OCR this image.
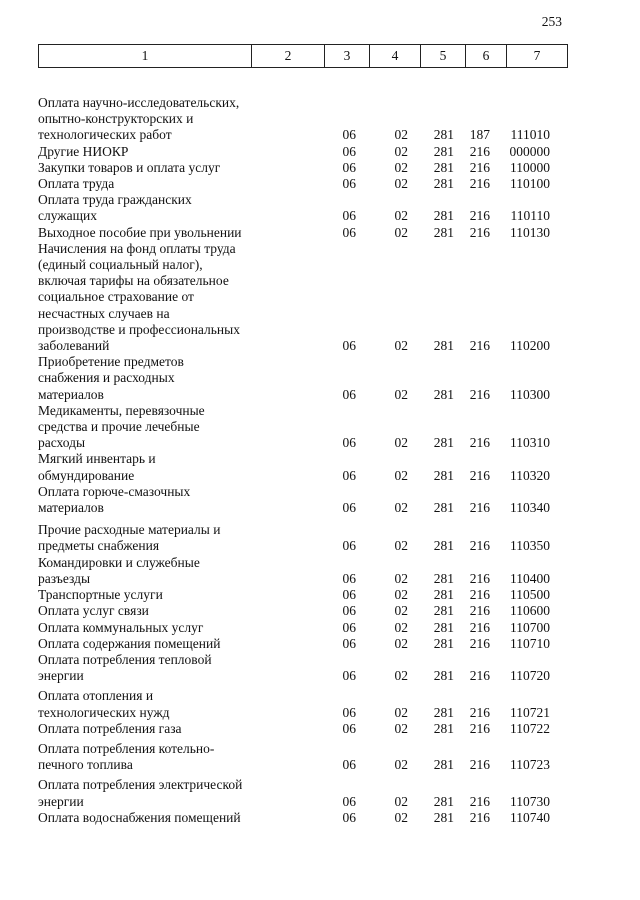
253
1	2	3	4	5	6	7
Оплата научно-исследовательских,
опытно-конструкторских и
технологических работ	06	02	281	187	111010
Другие НИОКР	06	02	281	216	000000
Закупки товаров и оплата услуг	06	02	281	216	110000
Оплата труда	06	02	281	216	110100
Оплата труда гражданских
служащих	06	02	281	216	110110
Выходное пособие при увольнении	06	02	281	216	110130
Начисления на фонд оплаты труда
(единый социальный налог),
включая тарифы на обязательное
социальное страхование от
несчастных случаев на
производстве и профессиональных
заболеваний	06	02	281	216	110200
Приобретение предметов
снабжения и расходных
материалов	06	02	281	216	110300
Медикаменты, перевязочные
средства и прочие лечебные
расходы	06	02	281	216	110310
Мягкий инвентарь и
обмундирование	06	02	281	216	110320
Оплата горюче-смазочных
материалов	06	02	281	216	110340
Прочие расходные материалы и
предметы снабжения	06	02	281	216	110350
Командировки и служебные
разъезды	06	02	281	216	110400
Транспортные услуги	06	02	281	216	110500
Оплата услуг связи	06	02	281	216	110600
Оплата коммунальных услуг	06	02	281	216	110700
Оплата содержания помещений	06	02	281	216	110710
Оплата потребления тепловой
энергии	06	02	281	216	110720
Оплата отопления и
технологических нужд	06	02	281	216	110721
Оплата потребления газа	06	02	281	216	110722
Оплата потребления котельно-
печного топлива	06	02	281	216	110723
Оплата потребления электрической
энергии	06	02	281	216	110730
Оплата водоснабжения помещений	06	02	281	216	110740
